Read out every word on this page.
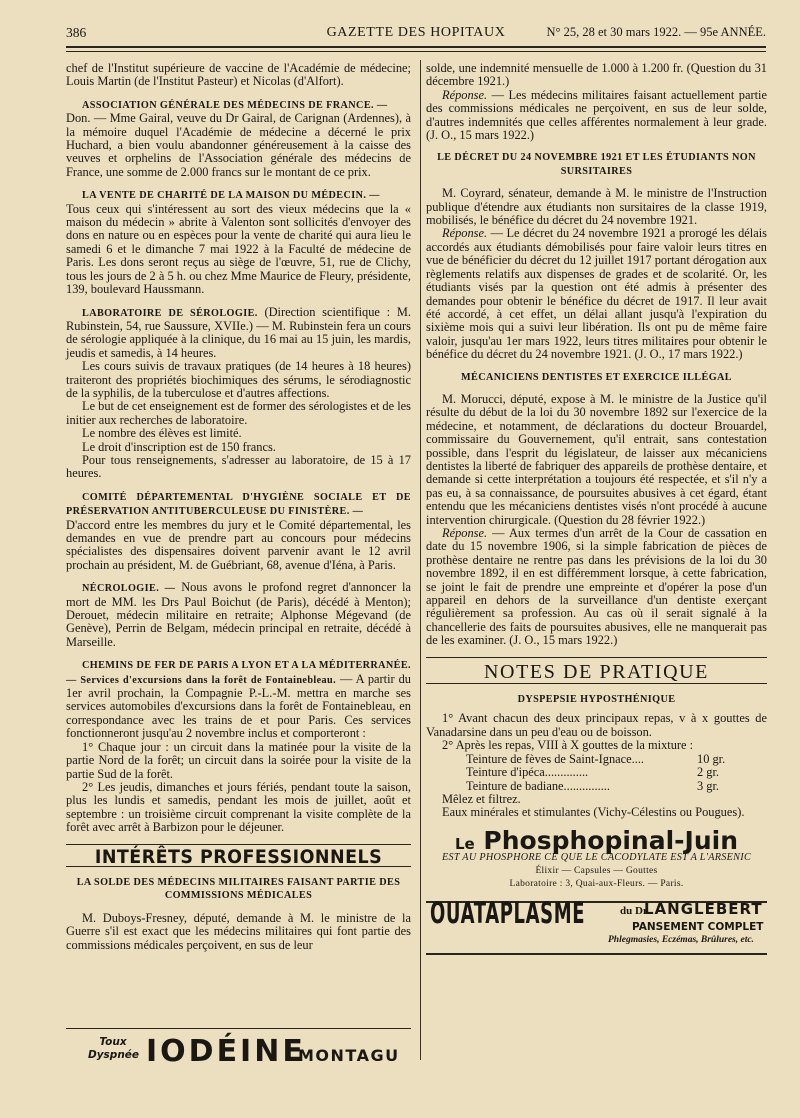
386	GAZETTE DES HOPITAUX	N° 25, 28 et 30 mars 1922. — 95e ANNÉE.

chef de l'Institut supérieure de vaccine de l'Académie de médecine; Louis Martin (de l'Institut Pasteur) et Nicolas (d'Alfort).

ASSOCIATION GÉNÉRALE DES MÉDECINS DE FRANCE. —

Don. — Mme Gairal, veuve du Dr Gairal, de Carignan (Ardennes), à la mémoire duquel l'Académie de médecine a décerné le prix Huchard, a bien voulu abandonner généreusement à la caisse des veuves et orphelins de l'Association générale des médecins de France, une somme de 2.000 francs sur le montant de ce prix.

LA VENTE DE CHARITÉ DE LA MAISON DU MÉDECIN. —

Tous ceux qui s'intéressent au sort des vieux médecins que la « maison du médecin » abrite à Valenton sont sollicités d'envoyer des dons en nature ou en espèces pour la vente de charité qui aura lieu le samedi 6 et le dimanche 7 mai 1922 à la Faculté de médecine de Paris. Les dons seront reçus au siège de l'œuvre, 51, rue de Clichy, tous les jours de 2 à 5 h. ou chez Mme Maurice de Fleury, présidente, 139, boulevard Haussmann.

LABORATOIRE DE SÉROLOGIE. (Direction scientifique : M. Rubinstein, 54, rue Saussure, XVIIe.) — M. Rubinstein fera un cours de sérologie appliquée à la clinique, du 16 mai au 15 juin, les mardis, jeudis et samedis, à 14 heures.

Les cours suivis de travaux pratiques (de 14 heures à 18 heures) traiteront des propriétés biochimiques des sérums, le sérodiagnostic de la syphilis, de la tuberculose et d'autres affections.

Le but de cet enseignement est de former des sérologistes et de les initier aux recherches de laboratoire.

Le nombre des élèves est limité.

Le droit d'inscription est de 150 francs.

Pour tous renseignements, s'adresser au laboratoire, de 15 à 17 heures.

COMITÉ DÉPARTEMENTAL D'HYGIÈNE SOCIALE ET DE PRÉSERVATION ANTITUBERCULEUSE DU FINISTÈRE. —

D'accord entre les membres du jury et le Comité départemental, les demandes en vue de prendre part au concours pour médecins spécialistes des dispensaires doivent parvenir avant le 12 avril prochain au président, M. de Guébriant, 68, avenue d'Iéna, à Paris.

NÉCROLOGIE. — Nous avons le profond regret d'annoncer la mort de MM. les Drs Paul Boichut (de Paris), décédé à Menton); Derouet, médecin militaire en retraite; Alphonse Mégevand (de Genève), Perrin de Belgam, médecin principal en retraite, décédé à Marseille.

CHEMINS DE FER DE PARIS A LYON ET A LA MÉDITERRANÉE. — Services d'excursions dans la forêt de Fontainebleau. — A partir du 1er avril prochain, la Compagnie P.-L.-M. mettra en marche ses services automobiles d'excursions dans la forêt de Fontainebleau, en correspondance avec les trains de et pour Paris. Ces services fonctionneront jusqu'au 2 novembre inclus et comporteront :

1° Chaque jour : un circuit dans la matinée pour la visite de la partie Nord de la forêt; un circuit dans la soirée pour la visite de la partie Sud de la forêt.

2° Les jeudis, dimanches et jours fériés, pendant toute la saison, plus les lundis et samedis, pendant les mois de juillet, août et septembre : un troisième circuit comprenant la visite complète de la forêt avec arrêt à Barbizon pour le déjeuner.

INTÉRÊTS PROFESSIONNELS

LA SOLDE DES MÉDECINS MILITAIRES FAISANT PARTIE DES COMMISSIONS MÉDICALES

M. Duboys-Fresney, député, demande à M. le ministre de la Guerre s'il est exact que les médecins militaires qui font partie des commissions médicales perçoivent, en sus de leur

solde, une indemnité mensuelle de 1.000 à 1.200 fr. (Question du 31 décembre 1921.)

Réponse. — Les médecins militaires faisant actuellement partie des commissions médicales ne perçoivent, en sus de leur solde, d'autres indemnités que celles afférentes normalement à leur grade. (J. O., 15 mars 1922.)

LE DÉCRET DU 24 NOVEMBRE 1921 ET LES ÉTUDIANTS NON SURSITAIRES

M. Coyrard, sénateur, demande à M. le ministre de l'Instruction publique d'étendre aux étudiants non sursitaires de la classe 1919, mobilisés, le bénéfice du décret du 24 novembre 1921.

Réponse. — Le décret du 24 novembre 1921 a prorogé les délais accordés aux étudiants démobilisés pour faire valoir leurs titres en vue de bénéficier du décret du 12 juillet 1917 portant dérogation aux règlements relatifs aux dispenses de grades et de scolarité. Or, les étudiants visés par la question ont été admis à présenter des demandes pour obtenir le bénéfice du décret de 1917. Il leur avait été accordé, à cet effet, un délai allant jusqu'à l'expiration du sixième mois qui a suivi leur libération. Ils ont pu de même faire valoir, jusqu'au 1er mars 1922, leurs titres militaires pour obtenir le bénéfice du décret du 24 novembre 1921. (J. O., 17 mars 1922.)

MÉCANICIENS DENTISTES ET EXERCICE ILLÉGAL

M. Morucci, député, expose à M. le ministre de la Justice qu'il résulte du début de la loi du 30 novembre 1892 sur l'exercice de la médecine, et notamment, de déclarations du docteur Brouardel, commissaire du Gouvernement, qu'il entrait, sans contestation possible, dans l'esprit du législateur, de laisser aux mécaniciens dentistes la liberté de fabriquer des appareils de prothèse dentaire, et demande si cette interprétation a toujours été respectée, et s'il n'y a pas eu, à sa connaissance, de poursuites abusives à cet égard, étant entendu que les mécaniciens dentistes visés n'ont procédé à aucune intervention chirurgicale. (Question du 28 février 1922.)

Réponse. — Aux termes d'un arrêt de la Cour de cassation en date du 15 novembre 1906, si la simple fabrication de pièces de prothèse dentaire ne rentre pas dans les prévisions de la loi du 30 novembre 1892, il en est différemment lorsque, à cette fabrication, se joint le fait de prendre une empreinte et d'opérer la pose d'un appareil en dehors de la surveillance d'un dentiste exerçant régulièrement sa profession. Au cas où il serait signalé à la chancellerie des faits de poursuites abusives, elle ne manquerait pas de les examiner. (J. O., 15 mars 1922.)

NOTES DE PRATIQUE

DYSPEPSIE HYPOSTHÉNIQUE

1° Avant chacun des deux principaux repas, v à x gouttes de Vanadarsine dans un peu d'eau ou de boisson.

2° Après les repas, VIII à X gouttes de la mixture :

Teinture de fèves de Saint-Ignace....	10 gr.
Teinture d'ipéca..............	2 gr.
Teinture de badiane...............	3 gr.

Mêlez et filtrez.

Eaux minérales et stimulantes (Vichy-Célestins ou Pougues).

Le Phosphopinal-Juin
EST AU PHOSPHORE CE QUE LE CACODYLATE EST A L'ARSENIC
Élixir — Capsules — Gouttes
Laboratoire : 3, Quai-aux-Fleurs. — Paris.
OUATAPLASME	du Dr
LANGLEBERT
PANSEMENT COMPLET
Phlegmasies, Eczémas, Brûlures, etc.
Toux Dyspnée IODÉINE
MONTAGU
